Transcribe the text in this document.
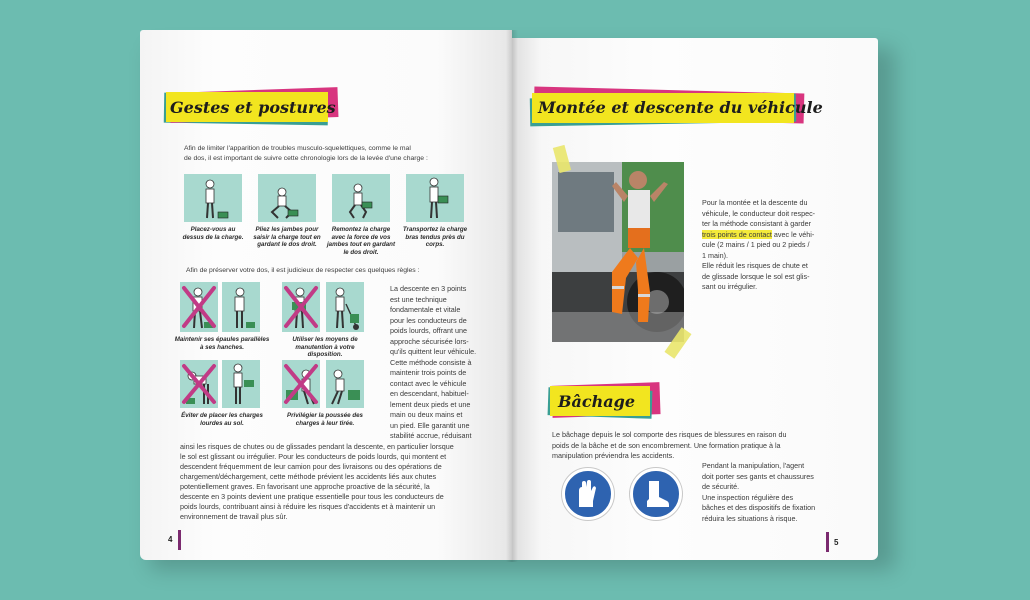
Gestes et postures
Afin de limiter l'apparition de troubles musculo-squelettiques, comme le mal
de dos, il est important de suivre cette chronologie lors de la levée d'une charge :
Placez-vous au dessus de la charge.
Pliez les jambes pour saisir la charge tout en gardant le dos droit.
Remontez la charge avec la force de vos jambes tout en gardant le dos droit.
Transportez la charge bras tendus près du corps.
Afin de préserver votre dos, il est judicieux de respecter ces quelques règles :
Maintenir ses épaules parallèles à ses hanches.
Utiliser les moyens de manutention à votre disposition.
Éviter de placer les charges lourdes au sol.
Privilégier la poussée des charges à leur tirée.
La descente en 3 points
est une technique
fondamentale et vitale
pour les conducteurs de
poids lourds, offrant une
approche sécurisée lors-
qu'ils quittent leur véhicule.
Cette méthode consiste à
maintenir trois points de
contact avec le véhicule
en descendant, habituel-
lement deux pieds et une
main ou deux mains et
un pied. Elle garantit une
stabilité accrue, réduisant
ainsi les risques de chutes ou de glissades pendant la descente, en particulier lorsque
le sol est glissant ou irrégulier. Pour les conducteurs de poids lourds, qui montent et
descendent fréquemment de leur camion pour des livraisons ou des opérations de
chargement/déchargement, cette méthode prévient les accidents liés aux chutes
potentiellement graves. En favorisant une approche proactive de la sécurité, la
descente en 3 points devient une pratique essentielle pour tous les conducteurs de
poids lourds, contribuant ainsi à réduire les risques d'accidents et à maintenir un
environnement de travail plus sûr.
4
Montée et descente du véhicule
Pour la montée et la descente du
véhicule, le conducteur doit respec-
ter la méthode consistant à garder
trois points de contact avec le véhi-
cule (2 mains / 1 pied ou 2 pieds /
1 main).
Elle réduit les risques de chute et
de glissade lorsque le sol est glis-
sant ou irrégulier.
Bâchage
Le bâchage depuis le sol comporte des risques de blessures en raison du
poids de la bâche et de son encombrement. Une formation pratique à la
manipulation préviendra les accidents.
Pendant la manipulation, l'agent
doit porter ses gants et chaussures
de sécurité.
Une inspection régulière des
bâches et des dispositifs de fixation
réduira les situations à risque.
5
